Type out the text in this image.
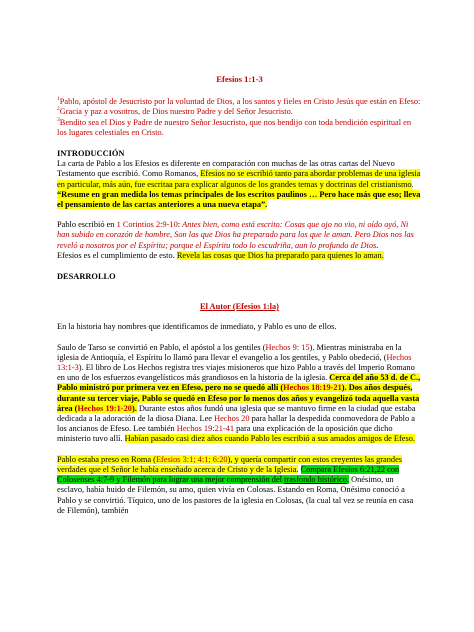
Efesios 1:1-3

$^1$Pablo, apóstol de Jesucristo por la voluntad de Dios, a los santos y fieles en Cristo Jesús que están en Efeso: $^2$Gracia y paz a vosotros, de Dios nuestro Padre y del Señor Jesucristo.
$^3$Bendito sea el Dios y Padre de nuestro Señor Jesucristo, que nos bendijo con toda bendición espiritual en los lugares celestiales en Cristo.

INTRODUCCIÓN

La carta de Pablo a los Efesios es diferente en comparación con muchas de las otras cartas del Nuevo Testamento que escribió. Como Romanos, Efesios no se escribió tanto para abordar problemas de una iglesia en particular, más aún, fue escritaa para explicar algunos de los grandes temas y doctrinas del cristianismo.

“Resume en gran medida los temas principales de los escritos paulinos … Pero hace más que eso; lleva el pensamiento de las cartas anteriores a una nueva etapa”.

Pablo escribió en 1 Corintios 2:9-10: Antes bien, como está escrito: Cosas que ojo no vio, ni oído oyó, Ni han subido en corazón de hombre, Son las que Dios ha preparado para los que le aman. Pero Dios nos las reveló a nosotros por el Espíritu; porque el Espíritu todo lo escudriña, aun lo profundo de Dios.

Efesios es el cumplimiento de esto. Revela las cosas que Dios ha preparado para quienes lo aman.

DESARROLLO

El Autor (Efesios 1:la)

En la historia hay nombres que identificamos de inmediato, y Pablo es uno de ellos.

Saulo de Tarso se convirtió en Pablo, el apóstol a los gentiles (Hechos 9: 15). Mientras ministraba en la iglesia de Antioquía, el Espíritu lo llamó para llevar el evangelio a los gentiles, y Pablo obedeció, (Hechos 13:1-3). El libro de Los Hechos registra tres viajes misioneros que hizo Pablo a través del Imperio Romano en uno de los esfuerzos evangelísticos más grandiosos en la historia de la iglesia. Cerca del año 53 d. de C., Pablo ministró por primera vez en Efeso, pero no se quedó allí (Hechos 18:19-21). Dos años después, durante su tercer viaje, Pablo se quedó en Efeso por lo menos dos años y evangelizó toda aquella vasta área (Hechos 19:1-20). Durante estos años fundó una iglesia que se mantuvo firme en la ciudad que estaba dedicada a la adoración de la diosa Diana. Lee Hechos 20 para hallar la despedida conmovedora de Pablo a los ancianos de Efeso. Lee también Hechos 19:21-41 para una explicación de la oposición que dicho ministerio tuvo allí. Habían pasado casi diez años cuando Pablo les escribió a sus amados amigos de Efeso.

Pablo estaba preso en Roma (Efesios 3:1; 4:1; 6:20), y quería compartir con estos creyentes las grandes verdades que el Señor le había enseñado acerca de Cristo y de la Iglesia. Compara Efesios 6:21,22 con Colosenses 4:7-9 y Filemón para lograr una mejor comprensión del trasfondo histórico. Onésimo, un esclavo, había huido de Filemón, su amo, quien vivía en Colosas. Estando en Roma, Onésimo conoció a Pablo y se convirtió. Tíquico, uno de los pastores de la iglesia en Colosas, (la cual tal vez se reunía en casa de Filemón), también
